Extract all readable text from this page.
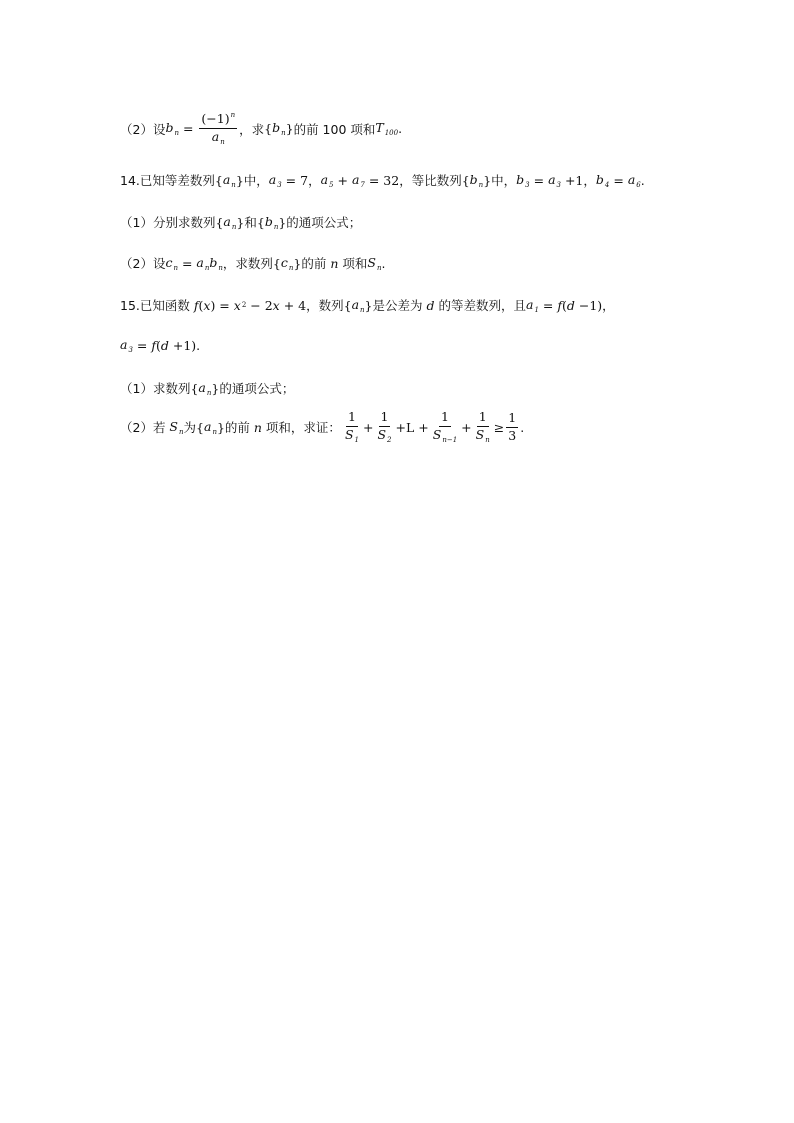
（2）设 $b_n = \frac{(-1)^n}{a_n}$ ，求 { $b_n$ } 的前 100 项和 $T_{100}$ .
14.已知等差数列 { $a_n$ } 中， $a_3 = 7$ ， $a_5 + a_7 = 32$ ，等比数列 { $b_n$ } 中， $b_3 = a_3 +1$ ， $b_4 = a_6$ .
（1）分别求数列 { $a_n$ } 和 { $b_n$ } 的通项公式；
（2）设 $c_n = a_nb_n$ ，求数列 { $c_n$ } 的前 n 项和 $S_n$ .
15.已知函数 f ( x ) = x 2 − 2 x + 4 ，数列 { $a_n$ } 是公差为 d 的等差数列，且 $a_1 = f$ ( d −1) ，
$a_3 = f$ ( d +1) .
（1）求数列 { $a_n$ } 的通项公式；
（2）若 $S_n$ 为 { $a_n$ } 的前 n 项和，求证： $\frac{1}{S_1} + \frac{1}{S_2} + L + \frac{1}{S_{n-1}} + \frac{1}{S_n} \ge \frac{1}{3}$ .
